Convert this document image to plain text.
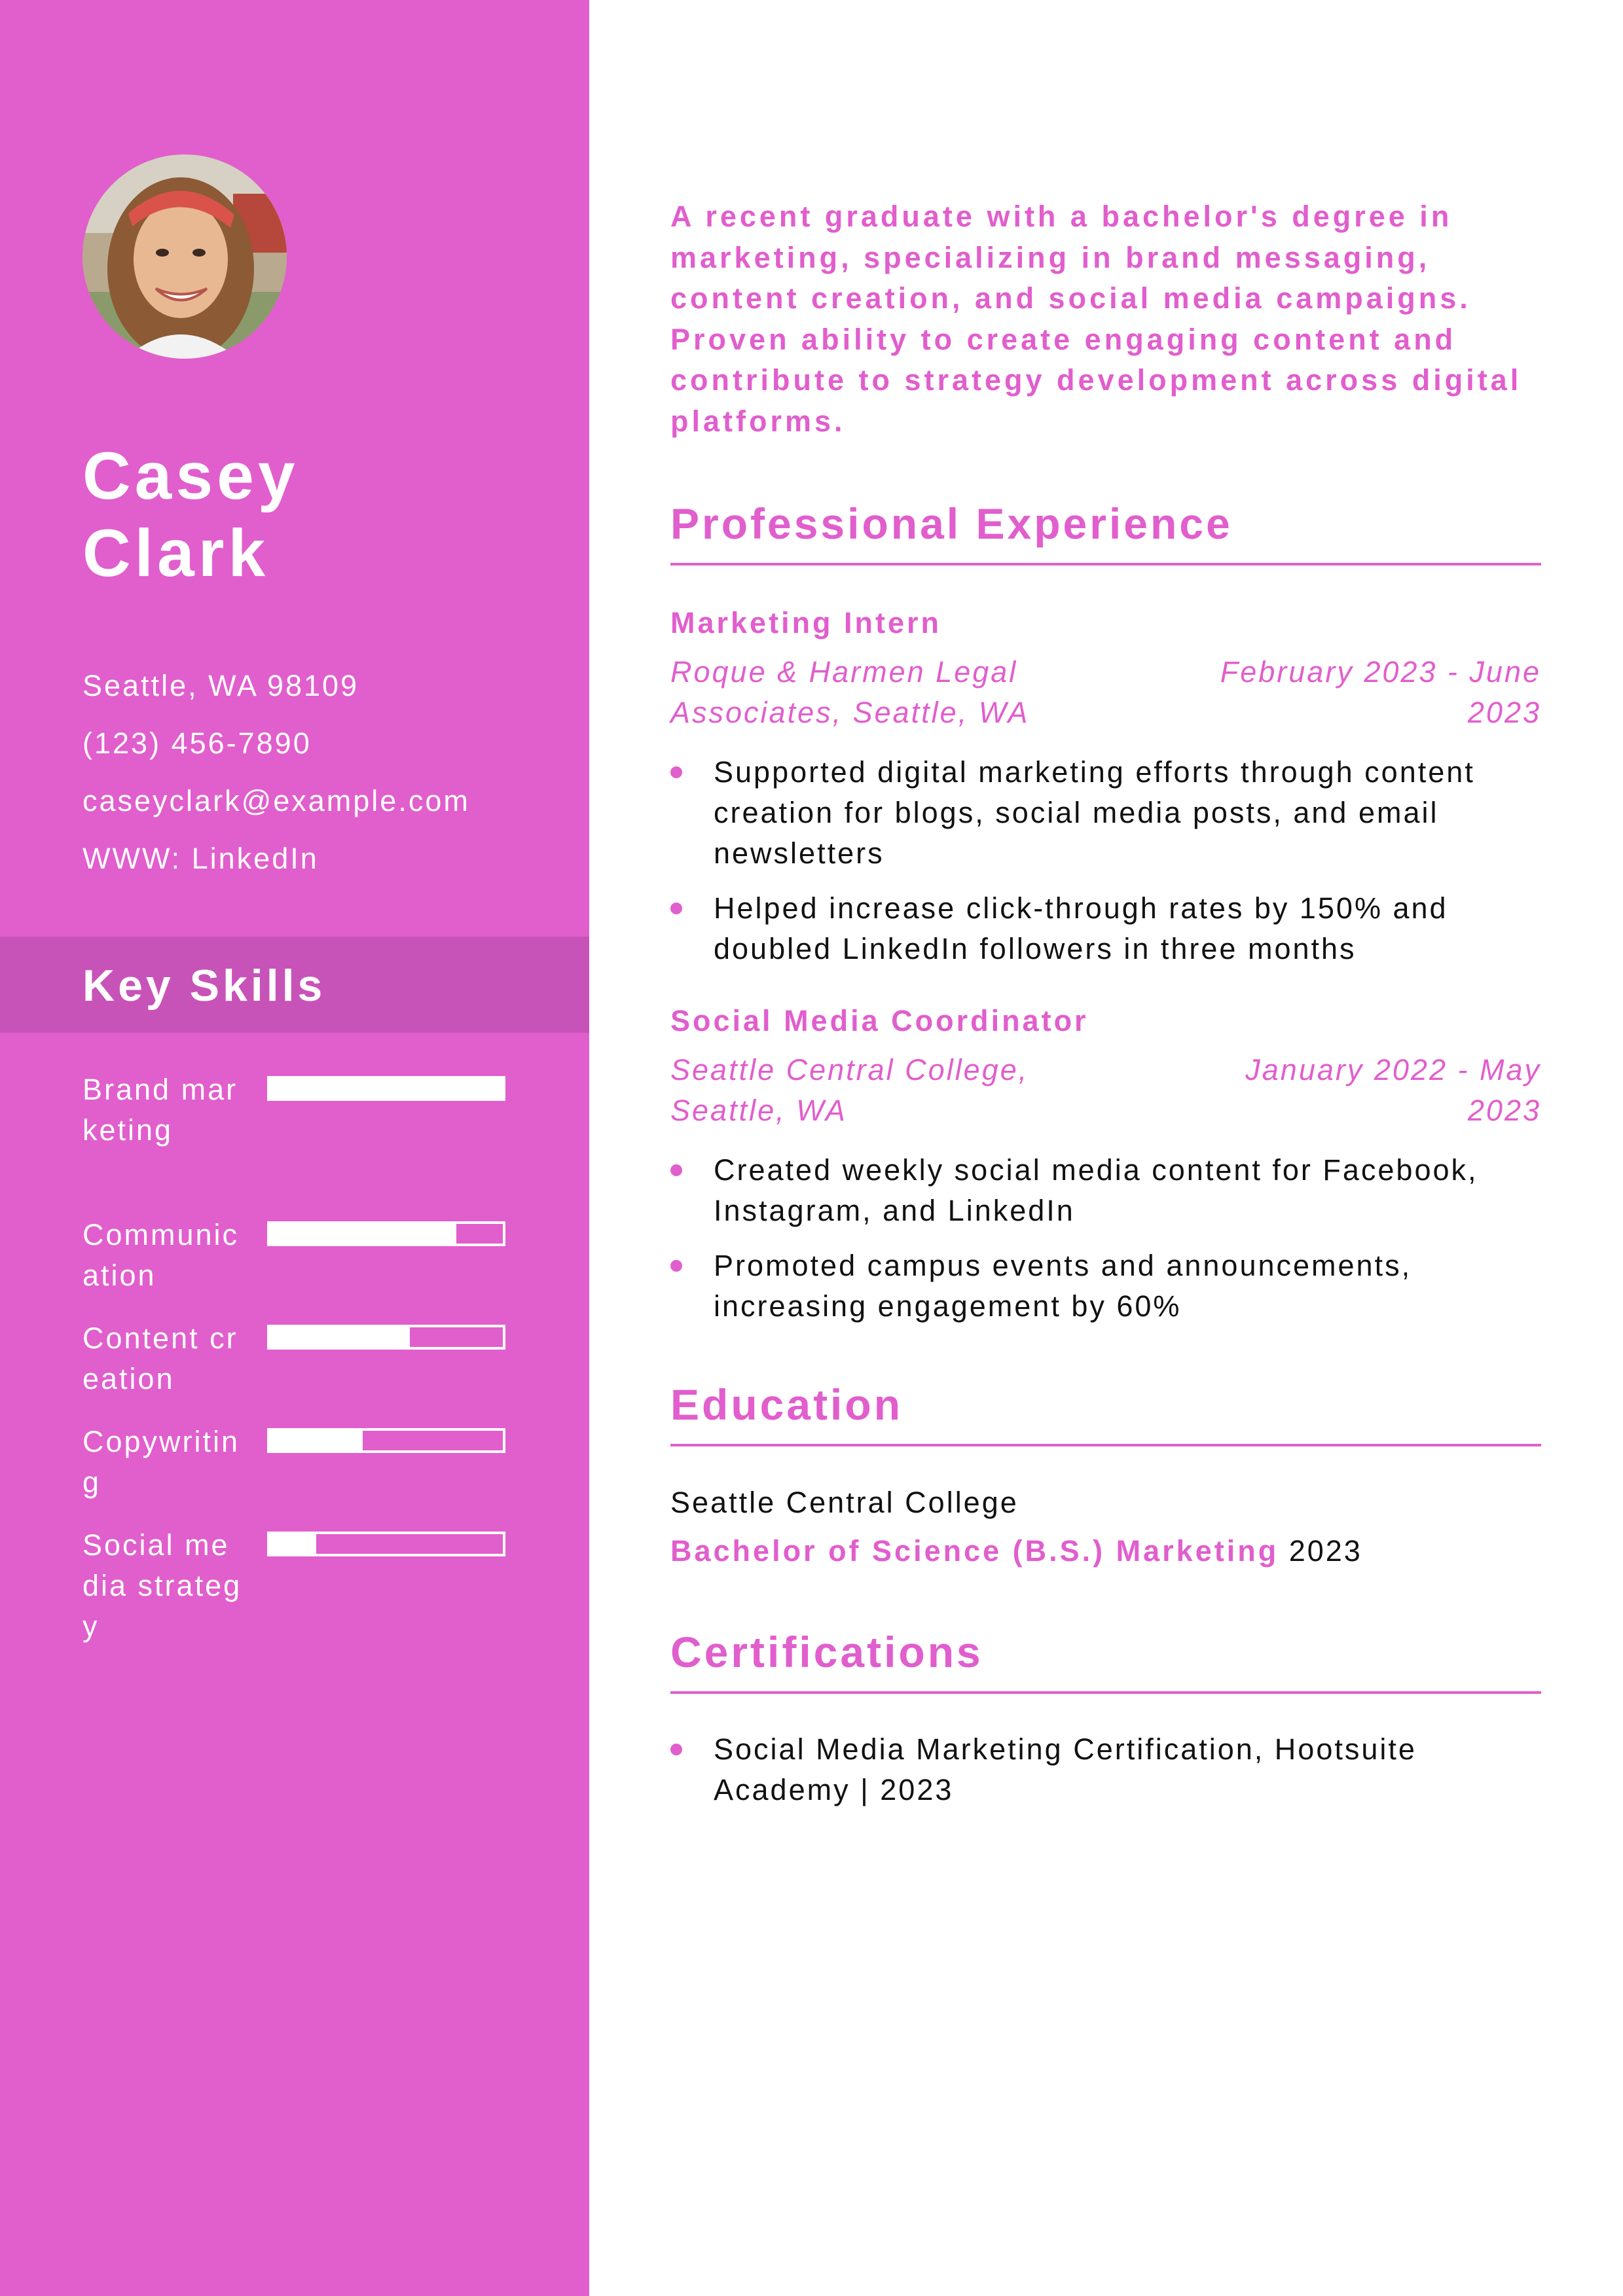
Casey
Clark
Seattle, WA 98109
(123) 456-7890
caseyclark@example.com
WWW: LinkedIn
Key Skills
Brand marketing
Communication
Content creation
Copywriting
Social media strategy

A recent graduate with a bachelor's degree in marketing, specializing in brand messaging, content creation, and social media campaigns. Proven ability to create engaging content and contribute to strategy development across digital platforms.

Professional Experience
Marketing Intern
Roque & Harmen Legal Associates, Seattle, WA
February 2023 - June 2023
Supported digital marketing efforts through content creation for blogs, social media posts, and email newsletters
Helped increase click-through rates by 150% and doubled LinkedIn followers in three months
Social Media Coordinator
Seattle Central College, Seattle, WA
January 2022 - May 2023
Created weekly social media content for Facebook, Instagram, and LinkedIn
Promoted campus events and announcements, increasing engagement by 60%
Education
Seattle Central College
Bachelor of Science (B.S.) Marketing 2023
Certifications
Social Media Marketing Certification, Hootsuite Academy | 2023
